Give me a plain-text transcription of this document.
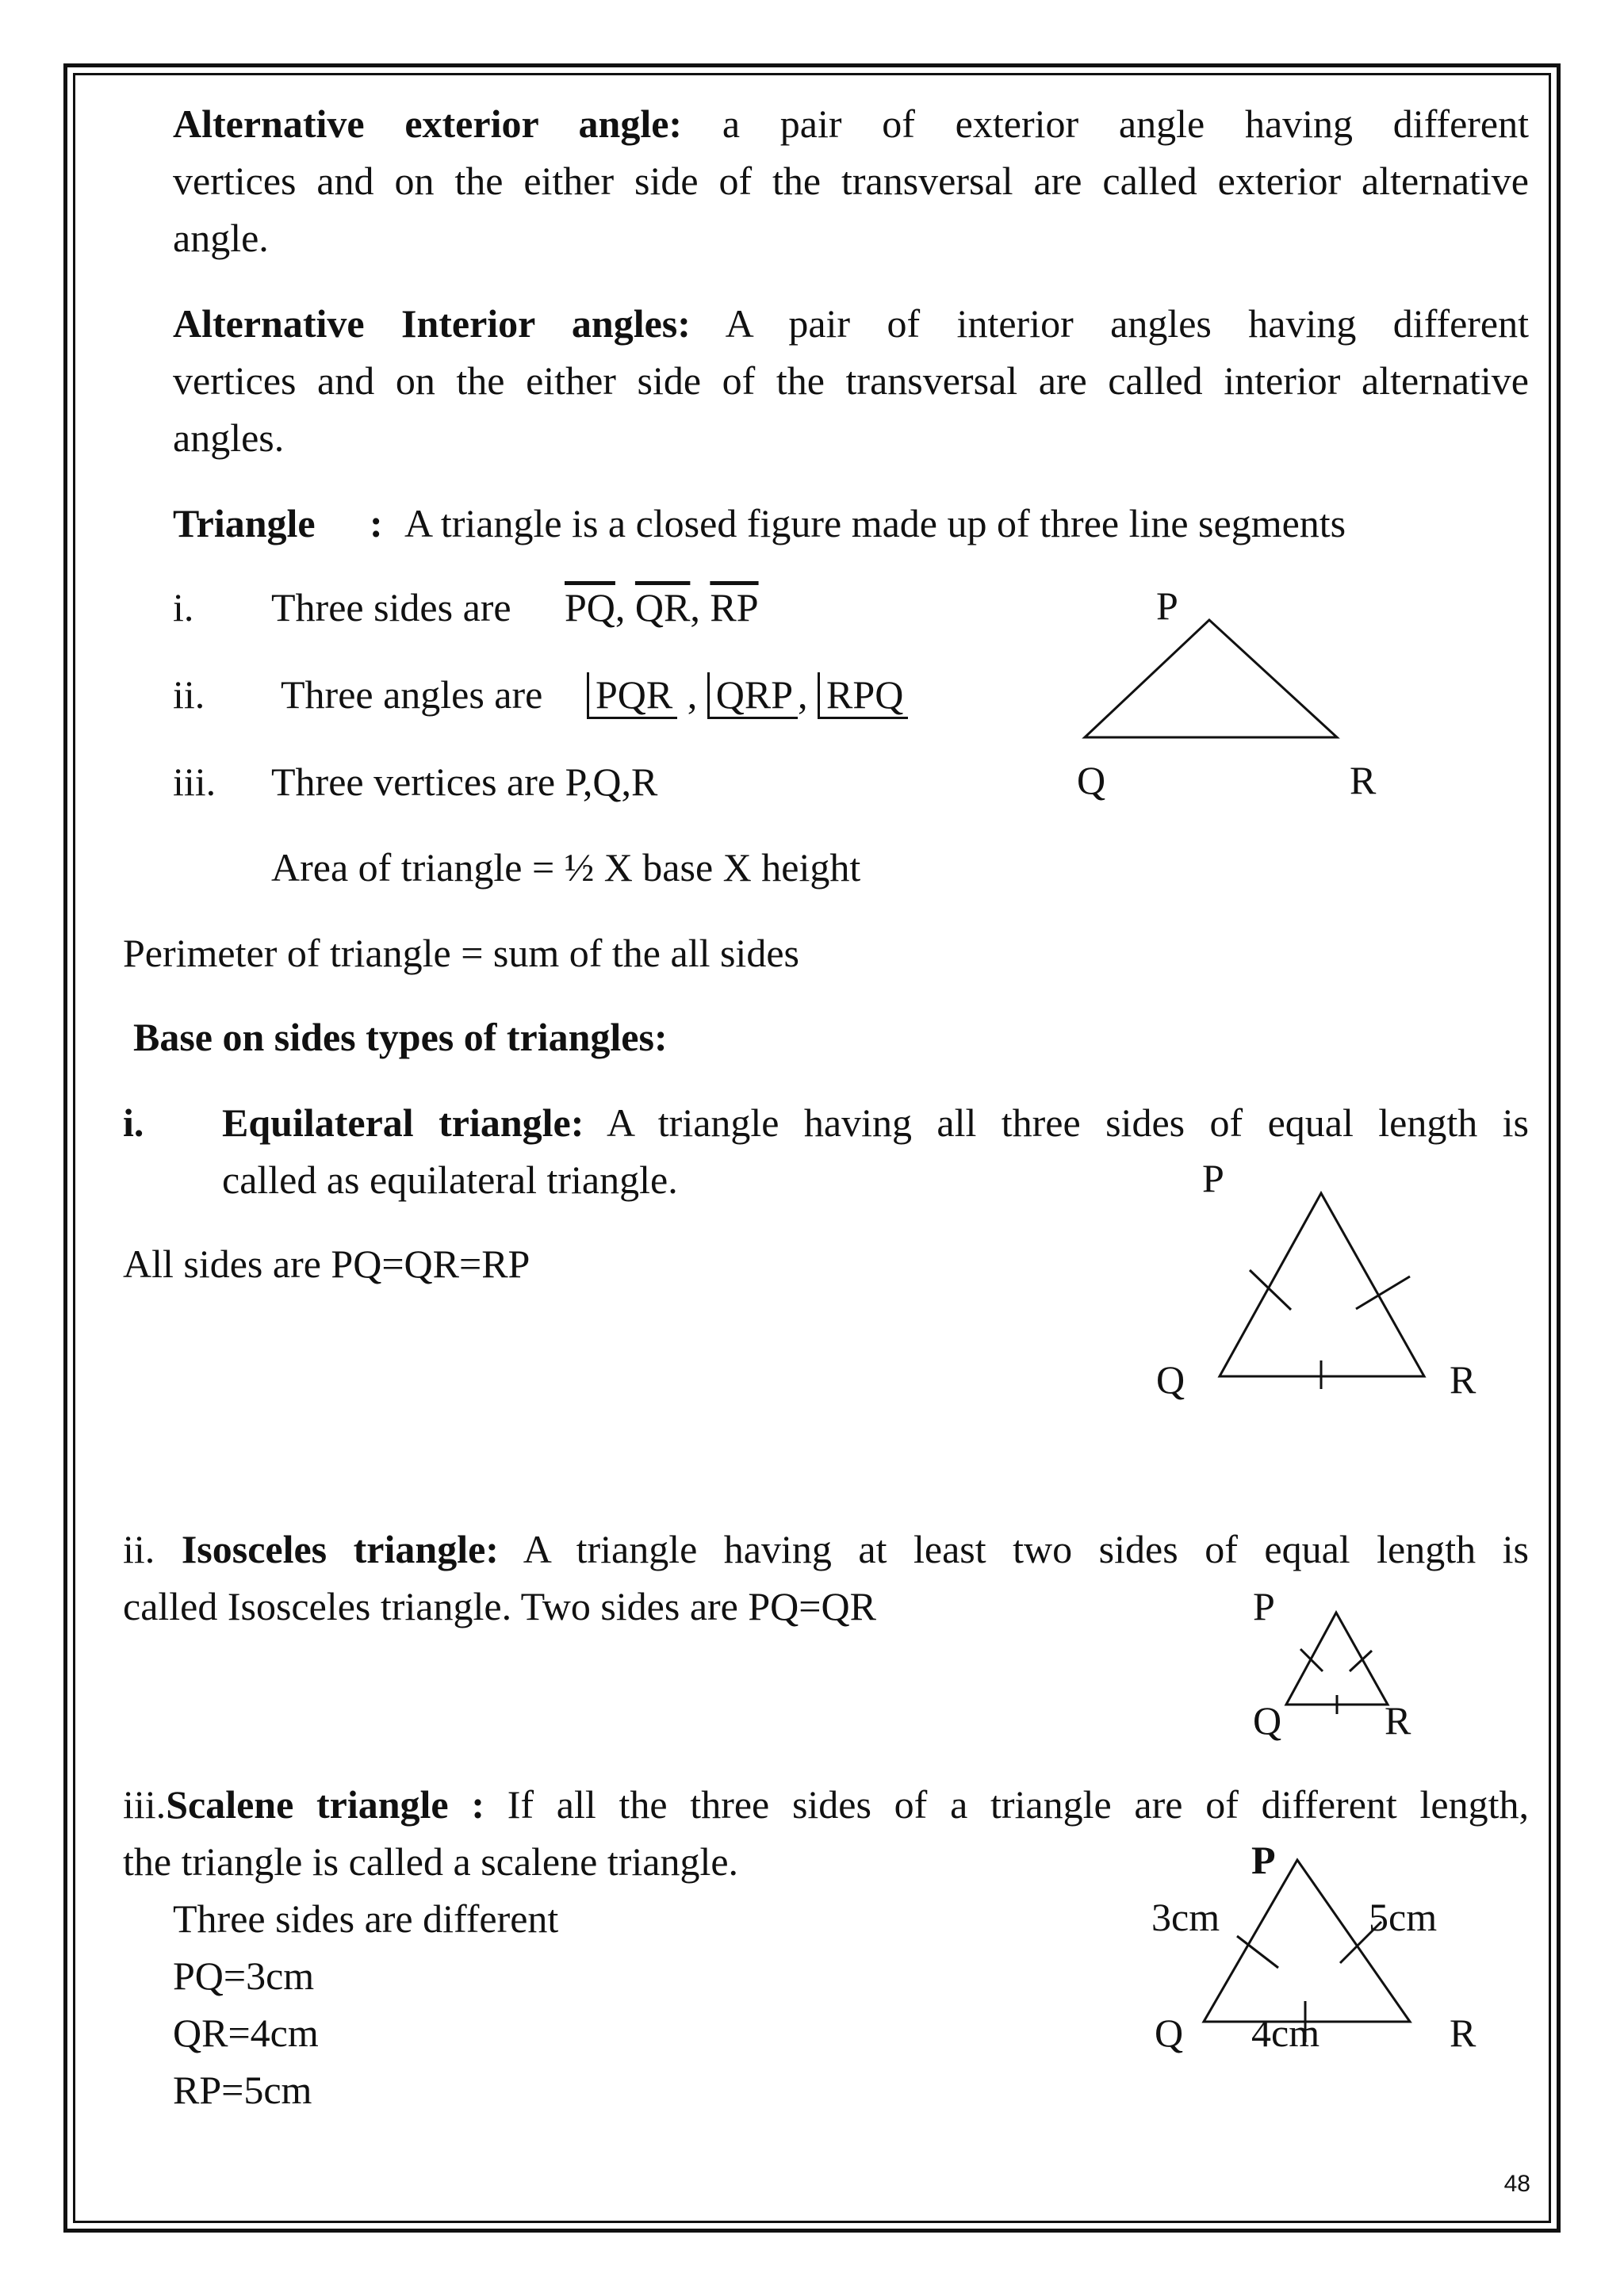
Alternative exterior angle: a pair of exterior angle having different
vertices and on the either side of the transversal are called exterior alternative
angle.
Alternative Interior angles: A pair of interior angles having different
vertices and on the either side of the transversal are called interior alternative
angles.
Triangle : A triangle is a closed figure made up of three line segments
i. Three sides are $\overline{PQ}$, $\overline{QR}$, $\overline{RP}$
ii. Three angles are PQR , QRP , RPQ
iii. Three vertices are P,Q,R
Area of triangle = ½ X base X height
Perimeter of triangle = sum of the all sides
P
Q	R
Base on sides types of triangles:
i. Equilateral triangle: A triangle having all three sides of equal length is
called as equilateral triangle.
All sides are PQ=QR=RP
P
Q	R
ii. Isosceles triangle: A triangle having at least two sides of equal length is
called Isosceles triangle. Two sides are PQ=QR	P
Q	R
iii.Scalene triangle : If all the three sides of a triangle are of different length,
the triangle is called a scalene triangle.
Three sides are different
PQ=3cm
QR=4cm
RP=5cm
P
3cm	5cm
Q 4cm	R
48
